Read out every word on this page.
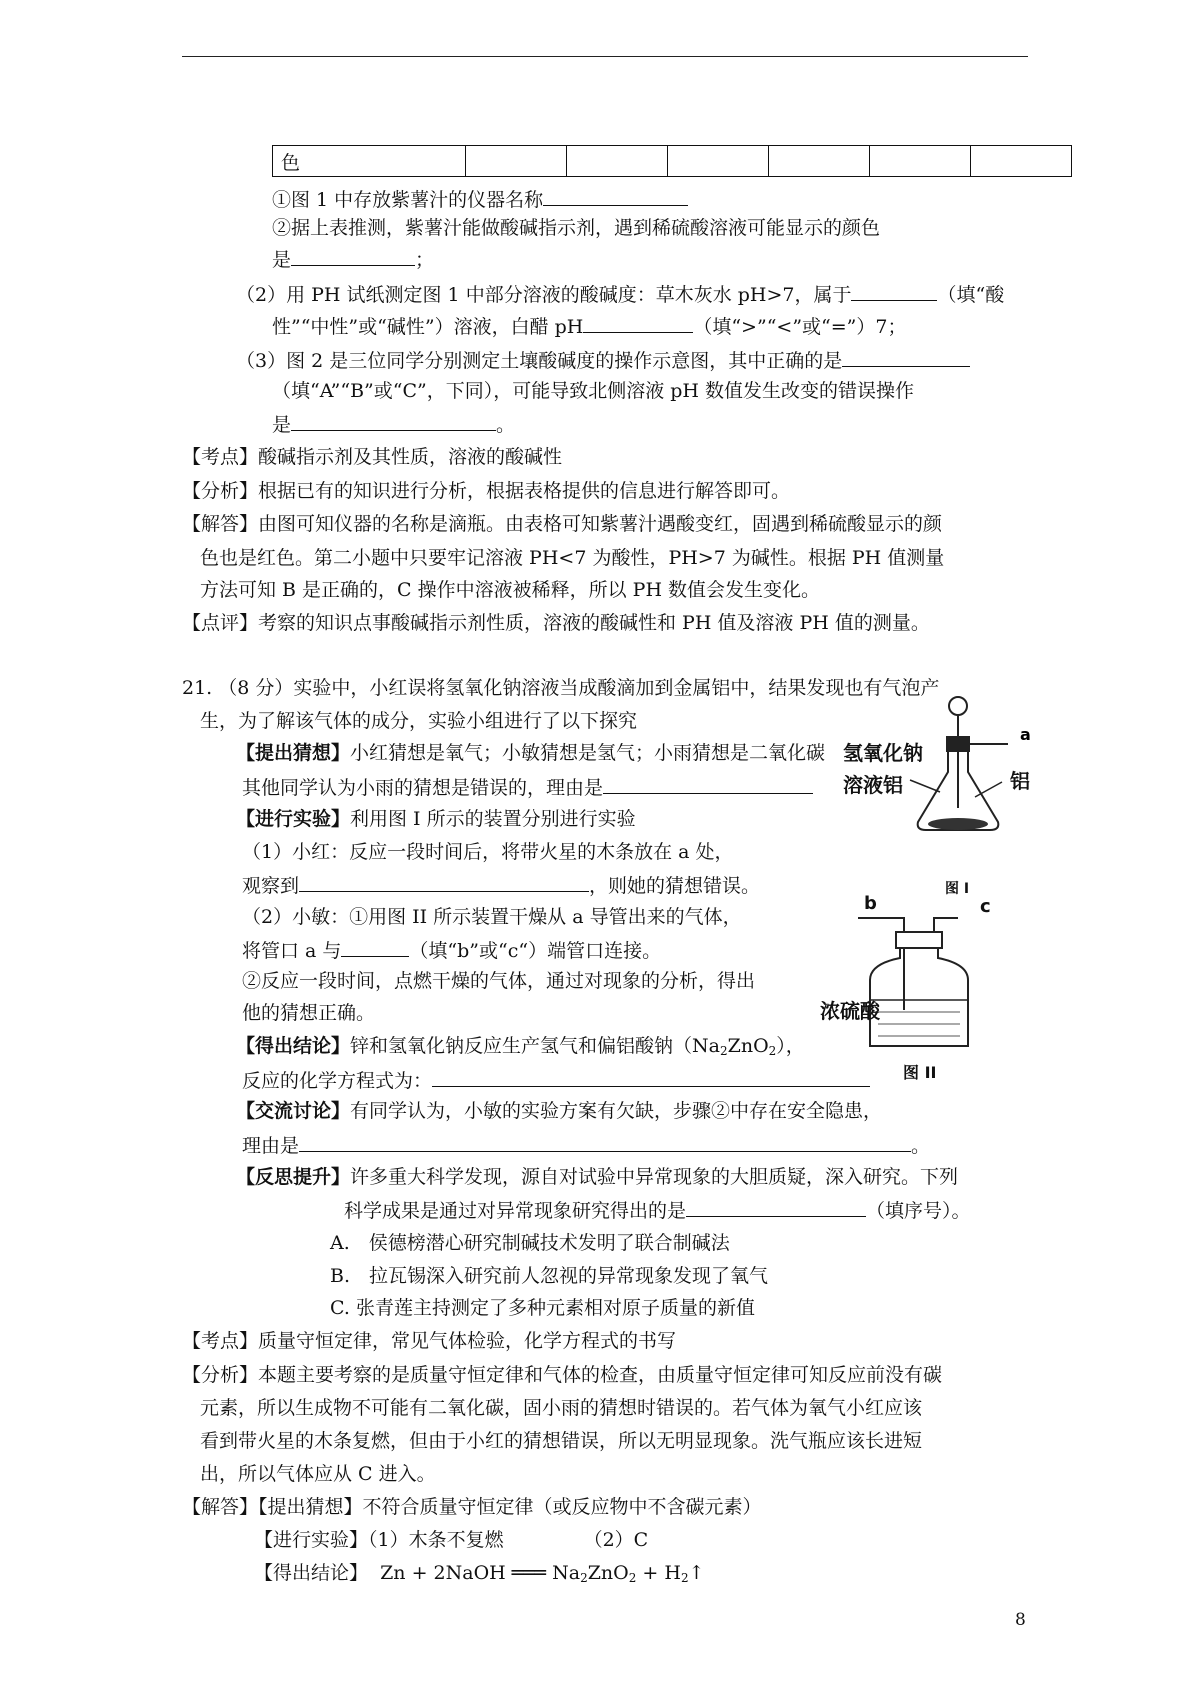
色						
①图 1 中存放紫薯汁的仪器名称
②据上表推测，紫薯汁能做酸碱指示剂，遇到稀硫酸溶液可能显示的颜色
是	；
（2）用 PH 试纸测定图 1 中部分溶液的酸碱度：草木灰水 pH>7，属于	（填“酸
性”“中性”或“碱性”）溶液，白醋 pH	（填“>”“<”或“=”）7；
（3）图 2 是三位同学分别测定土壤酸碱度的操作示意图，其中正确的是
（填“A”“B”或“C”，下同），可能导致北侧溶液 pH 数值发生改变的错误操作
是	。
【考点】酸碱指示剂及其性质，溶液的酸碱性
【分析】根据已有的知识进行分析，根据表格提供的信息进行解答即可。
【解答】由图可知仪器的名称是滴瓶。由表格可知紫薯汁遇酸变红，固遇到稀硫酸显示的颜
色也是红色。第二小题中只要牢记溶液 PH<7 为酸性，PH>7 为碱性。根据 PH 值测量
方法可知 B 是正确的，C 操作中溶液被稀释，所以 PH 数值会发生变化。
【点评】考察的知识点事酸碱指示剂性质，溶液的酸碱性和 PH 值及溶液 PH 值的测量。
21. （8 分）实验中，小红误将氢氧化钠溶液当成酸滴加到金属铝中，结果发现也有气泡产
生，为了解该气体的成分，实验小组进行了以下探究
【提出猜想】小红猜想是氧气；小敏猜想是氢气；小雨猜想是二氧化碳
其他同学认为小雨的猜想是错误的，理由是
【进行实验】利用图 I 所示的装置分别进行实验
（1）小红：反应一段时间后，将带火星的木条放在 a 处，
观察到	，则她的猜想错误。
（2）小敏：①用图 II 所示装置干燥从 a 导管出来的气体，
将管口 a 与	（填“b”或“c“）端管口连接。
②反应一段时间，点燃干燥的气体，通过对现象的分析，得出
他的猜想正确。
【得出结论】锌和氢氧化钠反应生产氢气和偏铝酸钠（Na2ZnO2），
反应的化学方程式为：
【交流讨论】有同学认为，小敏的实验方案有欠缺，步骤②中存在安全隐患，
理由是	。
【反思提升】许多重大科学发现，源自对试验中异常现象的大胆质疑，深入研究。下列
科学成果是通过对异常现象研究得出的是	（填序号）。
A.　侯德榜潜心研究制碱技术发明了联合制碱法
B.　拉瓦锡深入研究前人忽视的异常现象发现了氧气
C. 张青莲主持测定了多种元素相对原子质量的新值
【考点】质量守恒定律，常见气体检验，化学方程式的书写
【分析】本题主要考察的是质量守恒定律和气体的检查，由质量守恒定律可知反应前没有碳
元素，所以生成物不可能有二氧化碳，固小雨的猜想时错误的。若气体为氧气小红应该
看到带火星的木条复燃，但由于小红的猜想错误，所以无明显现象。洗气瓶应该长进短
出，所以气体应从 C 进入。
【解答】【提出猜想】不符合质量守恒定律（或反应物中不含碳元素）
【进行实验】（1）木条不复燃	（2）C
【得出结论】 Zn + 2NaOH ═══ Na2ZnO2 + H2↑
a
氢氧化钠
溶液铝	铝
图 I
b	c
浓硫酸
图 II
8
